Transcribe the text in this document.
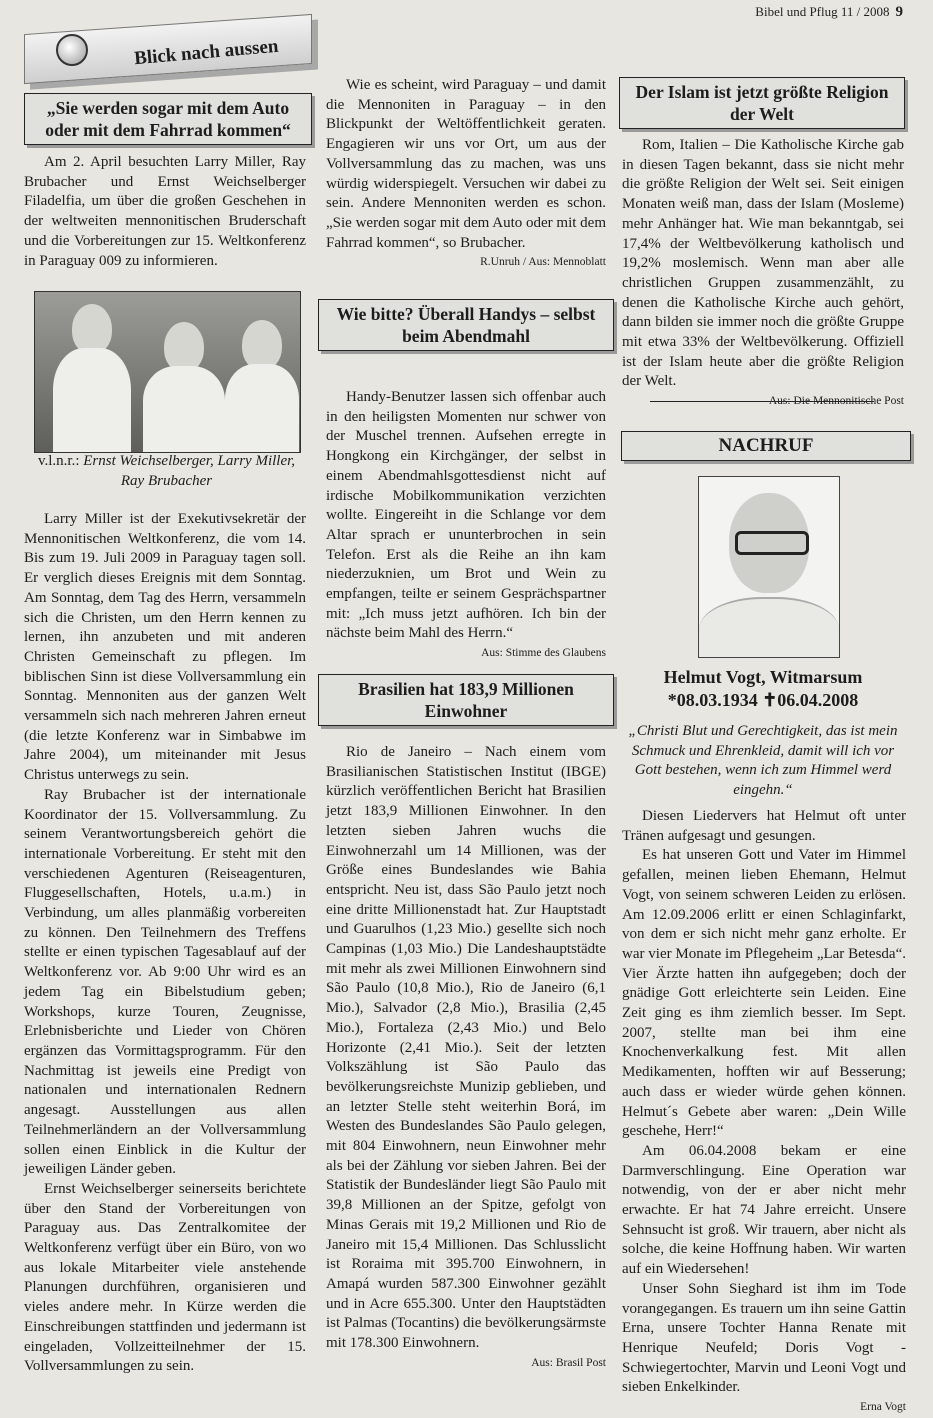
Bibel und Pflug 11 / 2008 9
Blick nach aussen
„Sie werden sogar mit dem Auto oder mit dem Fahrrad kommen“

Am 2. April besuchten Larry Miller, Ray Brubacher und Ernst Weichselberger Filadelfia, um über die großen Geschehen in der weltweiten mennonitischen Bruderschaft und die Vorbereitungen zur 15. Weltkonferenz in Paraguay 009 zu informieren.

v.l.n.r.: Ernst Weichselberger, Larry Miller, Ray Brubacher

Larry Miller ist der Exekutivsekretär der Mennonitischen Weltkonferenz, die vom 14. Bis zum 19. Juli 2009 in Paraguay tagen soll. Er verglich dieses Ereignis mit dem Sonntag. Am Sonntag, dem Tag des Herrn, versammeln sich die Christen, um den Herrn kennen zu lernen, ihn anzubeten und mit anderen Christen Gemeinschaft zu pflegen. Im biblischen Sinn ist diese Vollversammlung ein Sonntag. Mennoniten aus der ganzen Welt versammeln sich nach mehreren Jahren erneut (die letzte Konferenz war in Simbabwe im Jahre 2004), um miteinander mit Jesus Christus unterwegs zu sein.

Ray Brubacher ist der internationale Koordinator der 15. Vollversammlung. Zu seinem Verantwortungsbereich gehört die internationale Vorbereitung. Er steht mit den verschiedenen Agenturen (Reiseagenturen, Fluggesellschaften, Hotels, u.a.m.) in Verbindung, um alles planmäßig vorbereiten zu können. Den Teilnehmern des Treffens stellte er einen typischen Tagesablauf auf der Weltkonferenz vor. Ab 9:00 Uhr wird es an jedem Tag ein Bibelstudium geben; Workshops, kurze Touren, Zeugnisse, Erlebnisberichte und Lieder von Chören ergänzen das Vormittagsprogramm. Für den Nachmittag ist jeweils eine Predigt von nationalen und internationalen Rednern angesagt. Ausstellungen aus allen Teilnehmerländern an der Vollversammlung sollen einen Einblick in die Kultur der jeweiligen Länder geben.

Ernst Weichselberger seinerseits berichtete über den Stand der Vorbereitungen von Paraguay aus. Das Zentralkomitee der Weltkonferenz verfügt über ein Büro, von wo aus lokale Mitarbeiter viele anstehende Planungen durchführen, organisieren und vieles andere mehr. In Kürze werden die Einschreibungen stattfinden und jedermann ist eingeladen, Vollzeitteilnehmer der 15. Vollversammlungen zu sein.

Wie es scheint, wird Paraguay – und damit die Mennoniten in Paraguay – in den Blickpunkt der Weltöffentlichkeit geraten. Engagieren wir uns vor Ort, um aus der Vollversammlung das zu machen, was uns würdig widerspiegelt. Versuchen wir dabei zu sein. Andere Mennoniten werden es schon. „Sie werden sogar mit dem Auto oder mit dem Fahrrad kommen“, so Brubacher.

R.Unruh / Aus: Mennoblatt

Wie bitte? Überall Handys – selbst beim Abendmahl

Handy-Benutzer lassen sich offenbar auch in den heiligsten Momenten nur schwer von der Muschel trennen. Aufsehen erregte in Hongkong ein Kirchgänger, der selbst in einem Abendmahlsgottesdienst nicht auf irdische Mobilkommunikation verzichten wollte. Eingereiht in die Schlange vor dem Altar sprach er ununterbrochen in sein Telefon. Erst als die Reihe an ihn kam niederzuknien, um Brot und Wein zu empfangen, teilte er seinem Gesprächspartner mit: „Ich muss jetzt aufhören. Ich bin der nächste beim Mahl des Herrn.“

Aus: Stimme des Glaubens

Brasilien hat 183,9 Millionen Einwohner

Rio de Janeiro – Nach einem vom Brasilianischen Statistischen Institut (IBGE) kürzlich veröffentlichen Bericht hat Brasilien jetzt 183,9 Millionen Einwohner. In den letzten sieben Jahren wuchs die Einwohnerzahl um 14 Millionen, was der Größe eines Bundeslandes wie Bahia entspricht. Neu ist, dass São Paulo jetzt noch eine dritte Millionenstadt hat. Zur Hauptstadt und Guarulhos (1,23 Mio.) gesellte sich noch Campinas (1,03 Mio.) Die Landeshauptstädte mit mehr als zwei Millionen Einwohnern sind São Paulo (10,8 Mio.), Rio de Janeiro (6,1 Mio.), Salvador (2,8 Mio.), Brasilia (2,45 Mio.), Fortaleza (2,43 Mio.) und Belo Horizonte (2,41 Mio.). Seit der letzten Volkszählung ist São Paulo das bevölkerungsreichste Munizip geblieben, und an letzter Stelle steht weiterhin Borá, im Westen des Bundeslandes São Paulo gelegen, mit 804 Einwohnern, neun Einwohner mehr als bei der Zählung vor sieben Jahren. Bei der Statistik der Bundesländer liegt São Paulo mit 39,8 Millionen an der Spitze, gefolgt von Minas Gerais mit 19,2 Millionen und Rio de Janeiro mit 15,4 Millionen. Das Schlusslicht ist Roraima mit 395.700 Einwohnern, in Amapá wurden 587.300 Einwohner gezählt und in Acre 655.300. Unter den Hauptstädten ist Palmas (Tocantins) die bevölkerungsärmste mit 178.300 Einwohnern.

Aus: Brasil Post

Der Islam ist jetzt größte Religion der Welt

Rom, Italien – Die Katholische Kirche gab in diesen Tagen bekannt, dass sie nicht mehr die größte Religion der Welt sei. Seit einigen Monaten weiß man, dass der Islam (Mosleme) mehr Anhänger hat. Wie man bekanntgab, sei 17,4% der Weltbevölkerung katholisch und 19,2% moslemisch. Wenn man aber alle christlichen Gruppen zusammenzählt, zu denen die Katholische Kirche auch gehört, dann bilden sie immer noch die größte Gruppe mit etwa 33% der Weltbevölkerung. Offiziell ist der Islam heute aber die größte Religion der Welt.

Aus: Die Mennonitische Post

NACHRUF
Helmut Vogt, Witmarsum
*08.03.1934 ✝06.04.2008
„Christi Blut und Gerechtigkeit, das ist mein Schmuck und Ehrenkleid, damit will ich vor Gott bestehen, wenn ich zum Himmel werd eingehn.“

Diesen Liedervers hat Helmut oft unter Tränen aufgesagt und gesungen.

Es hat unseren Gott und Vater im Himmel gefallen, meinen lieben Ehemann, Helmut Vogt, von seinem schweren Leiden zu erlösen. Am 12.09.2006 erlitt er einen Schlaginfarkt, von dem er sich nicht mehr ganz erholte. Er war vier Monate im Pflegeheim „Lar Betesda“. Vier Ärzte hatten ihn aufgegeben; doch der gnädige Gott erleichterte sein Leiden. Eine Zeit ging es ihm ziemlich besser. Im Sept. 2007, stellte man bei ihm eine Knochenverkalkung fest. Mit allen Medikamenten, hofften wir auf Besserung; auch dass er wieder würde gehen können. Helmut´s Gebete aber waren: „Dein Wille geschehe, Herr!“

Am 06.04.2008 bekam er eine Darmverschlingung. Eine Operation war notwendig, von der er aber nicht mehr erwachte. Er hat 74 Jahre erreicht. Unsere Sehnsucht ist groß. Wir trauern, aber nicht als solche, die keine Hoffnung haben. Wir warten auf ein Wiedersehen!

Unser Sohn Sieghard ist ihm im Tode vorangegangen. Es trauern um ihn seine Gattin Erna, unsere Tochter Hanna Renate mit Henrique Neufeld; Doris Vogt - Schwiegertochter, Marvin und Leoni Vogt und sieben Enkelkinder.

Erna Vogt
